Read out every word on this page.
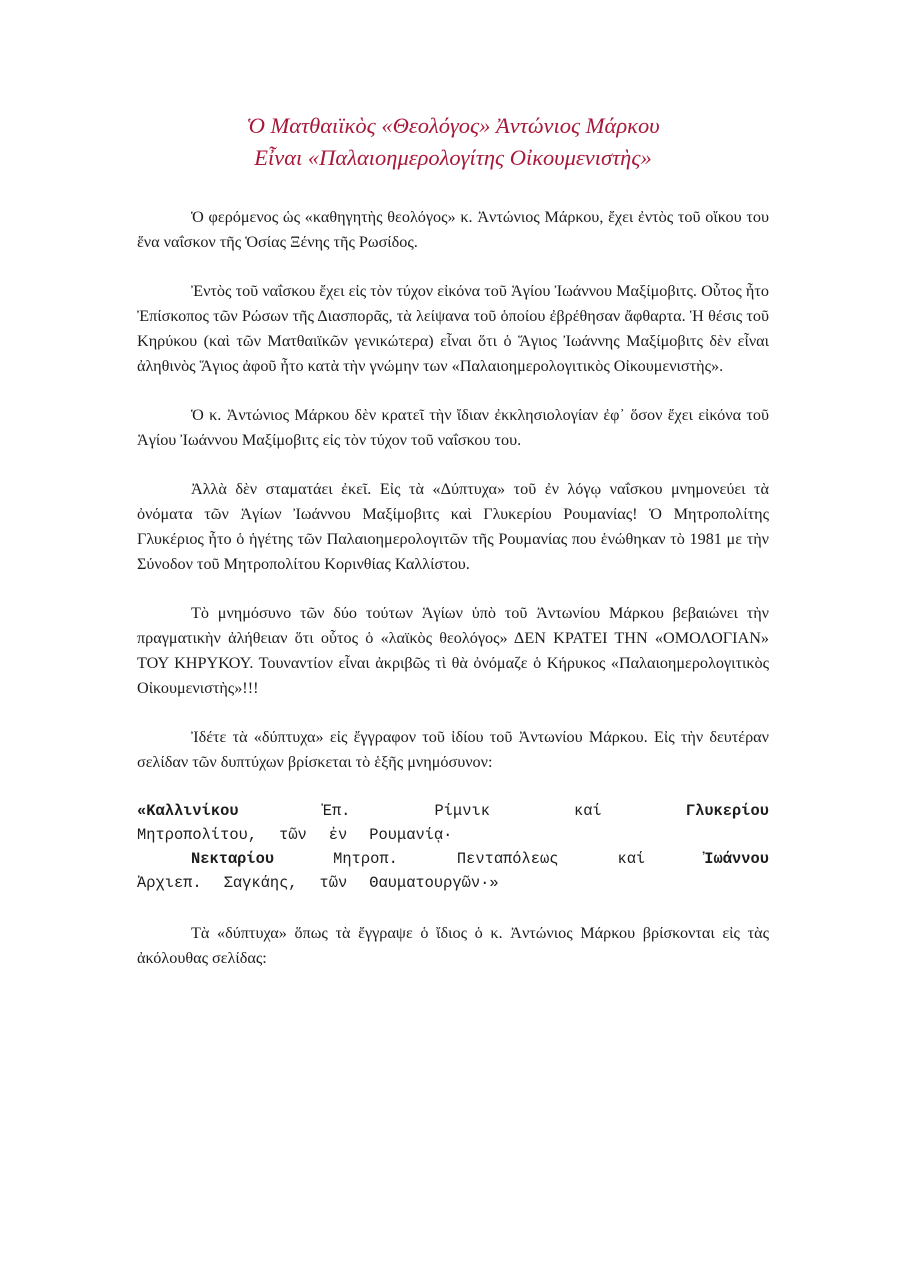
Ὁ Ματθαιϊκὸς «Θεολόγος» Ἀντώνιος Μάρκου
Εἶναι «Παλαιοημερολογίτης Οἰκουμενιστὴς»

Ὁ φερόμενος ὡς «καθηγητὴς θεολόγος» κ. Ἀντώνιος Μάρκου, ἔχει ἐντὸς τοῦ οἴκου του ἕνα ναΐσκον τῆς Ὁσίας Ξένης τῆς Ρωσίδος.

Ἐντὸς τοῦ ναΐσκου ἔχει εἰς τὸν τύχον εἰκόνα τοῦ Ἁγίου Ἰωάννου Μαξίμοβιτς. Οὗτος ἦτο Ἐπίσκοπος τῶν Ρώσων τῆς Διασπορᾶς, τὰ λείψανα τοῦ ὁποίου ἐβρέθησαν ἄφθαρτα. Ἡ θέσις τοῦ Κηρύκου (καὶ τῶν Ματθαιϊκῶν γενικώτερα) εἶναι ὅτι ὁ Ἅγιος Ἰωάννης Μαξίμοβιτς δὲν εἶναι ἀληθινὸς Ἅγιος ἀφοῦ ἦτο κατὰ τὴν γνώμην των «Παλαιοημερολογιτικὸς Οἰκουμενιστὴς».

Ὁ κ. Ἀντώνιος Μάρκου δὲν κρατεῖ τὴν ἴδιαν ἐκκλησιολογίαν ἐφ᾽ ὅσον ἔχει εἰκόνα τοῦ Ἁγίου Ἰωάννου Μαξίμοβιτς εἰς τὸν τύχον τοῦ ναΐσκου του.

Ἀλλὰ δὲν σταματάει ἐκεῖ. Εἰς τὰ «Δύπτυχα» τοῦ ἐν λόγῳ ναΐσκου μνημονεύει τὰ ὀνόματα τῶν Ἁγίων Ἰωάννου Μαξίμοβιτς καὶ Γλυκερίου Ρουμανίας! Ὁ Μητροπολίτης Γλυκέριος ἦτο ὁ ἡγέτης τῶν Παλαιοημερολογιτῶν τῆς Ρουμανίας που ἑνώθηκαν τὸ 1981 με τὴν Σύνοδον τοῦ Μητροπολίτου Κορινθίας Καλλίστου.

Τὸ μνημόσυνο τῶν δύο τούτων Ἁγίων ὑπὸ τοῦ Ἀντωνίου Μάρκου βεβαιώνει τὴν πραγματικὴν ἀλήθειαν ὅτι οὗτος ὁ «λαϊκὸς θεολόγος» ΔΕΝ ΚΡΑΤΕΙ ΤΗΝ «ΟΜΟΛΟΓΙΑΝ» ΤΟΥ ΚΗΡΥΚΟΥ. Τουναντίον εἶναι ἀκριβῶς τὶ θὰ ὀνόμαζε ὁ Κήρυκος «Παλαιοημερολογιτικὸς Οἰκουμενιστὴς»!!!

Ἰδέτε τὰ «δύπτυχα» εἰς ἔγγραφον τοῦ ἰδίου τοῦ Ἀντωνίου Μάρκου. Εἰς τὴν δευτέραν σελίδαν τῶν δυπτύχων βρίσκεται τὸ ἑξῆς μνημόσυνον:

«Καλλινίκου	Ἐπ.	Ρίμνικ	καί	Γλυκερίου
Μητροπολίτου, τῶν ἐν Ρουμανίᾳ·
Νεκταρίου	Μητροπ.	Πενταπόλεως	καί	Ἰωάννου
Ἀρχιεπ. Σαγκάης, τῶν Θαυματουργῶν·»

Τὰ «δύπτυχα» ὅπως τὰ ἔγγραψε ὁ ἴδιος ὁ κ. Ἀντώνιος Μάρκου βρίσκονται εἰς τὰς ἀκόλουθας σελίδας:
